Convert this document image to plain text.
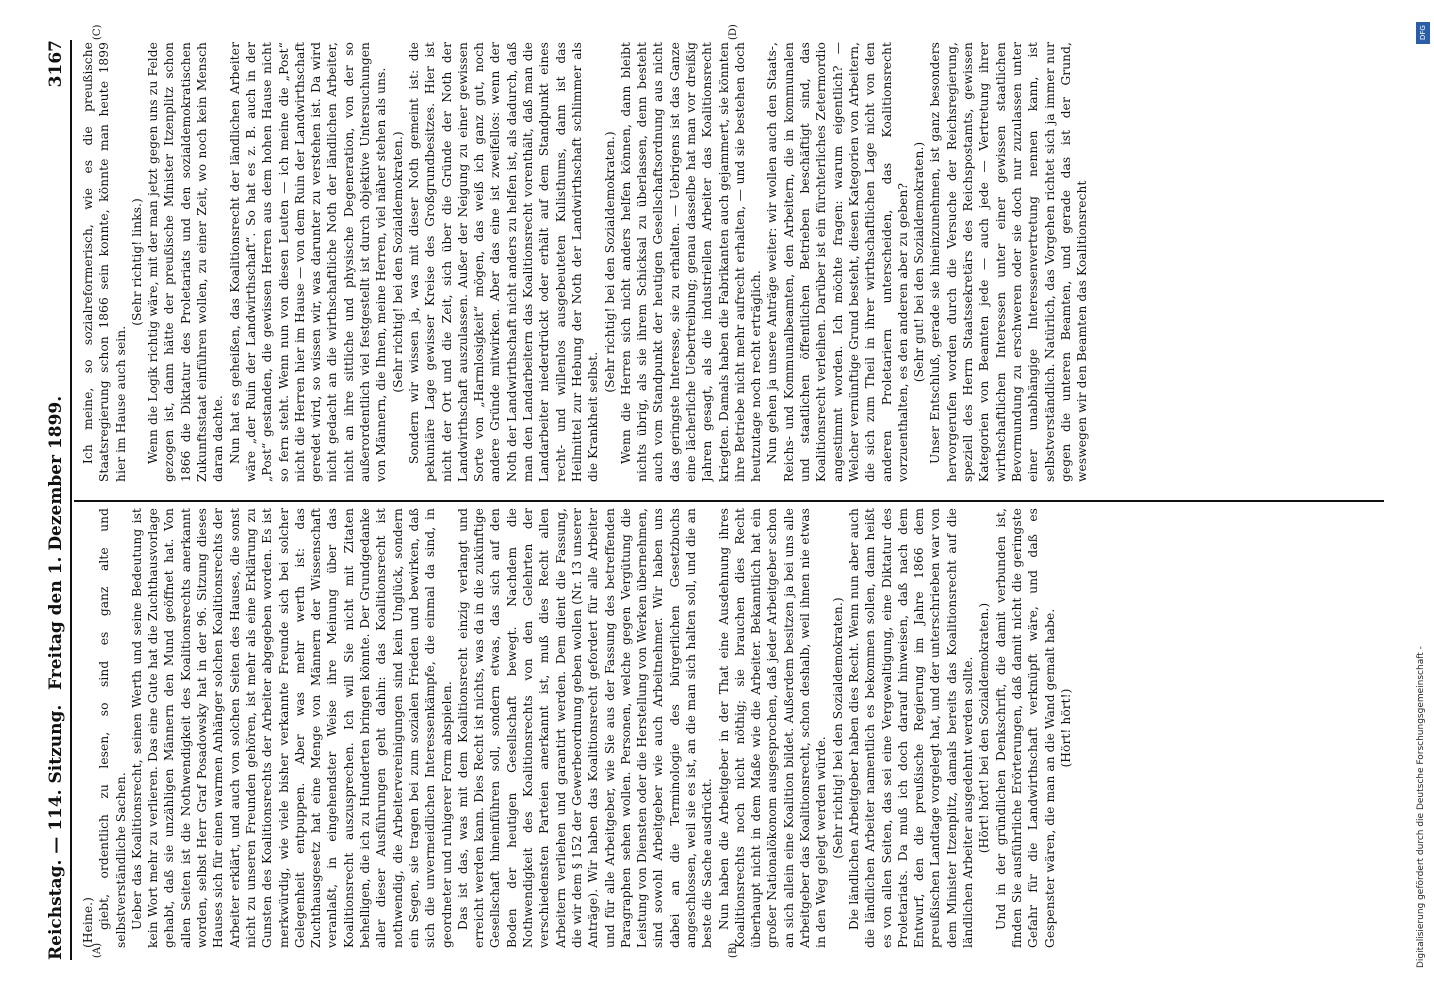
Reichstag. — 114. Sitzung.
Freitag den 1. Dezember 1899.
3167
(A)	(B)
(C)	(D)

(Heine.) giebt, ordentlich zu lesen, so sind es ganz alte und selbstverständliche Sachen. Ueber das Koalitionsrecht, seinen Werth und seine Bedeutung ist kein Wort mehr zu verlieren. Das eine Gute hat die Zuchthausvorlage gehabt, daß sie unzähligen Männern den Mund geöffnet hat. Von allen Seiten ist die Nothwendigkeit des Koalitionsrechts anerkannt worden, selbst Herr Graf Posadowsky hat in der 96. Sitzung dieses Hauses sich für einen warmen Anhänger solchen Koalitionsrechts der Arbeiter erklärt, und auch von solchen Seiten des Hauses, die sonst nicht zu unseren Freunden gehören, ist mehr als eine Erklärung zu Gunsten des Koalitionsrechts der Arbeiter abgegeben worden. Es ist merkwürdig, wie viele bisher verkannte Freunde sich bei solcher Gelegenheit entpuppen. Aber was mehr werth ist: das Zuchthausgesetz hat eine Menge von Männern der Wissenschaft veranlaßt, in eingehendster Weise ihre Meinung über das Koalitionsrecht auszusprechen. Ich will Sie nicht mit Zitaten behelligen, die ich zu Hunderten bringen könnte. Der Grundgedanke aller dieser Ausführungen geht dahin: das Koalitionsrecht ist nothwendig, die Arbeitervereinigungen sind kein Unglück, sondern ein Segen, sie tragen bei zum sozialen Frieden und bewirken, daß sich die unvermeidlichen Interessenkämpfe, die einmal da sind, in geordneter und ruhigerer Form abspielen. Das ist das, was mit dem Koalitionsrecht einzig verlangt und erreicht werden kann. Dies Recht ist nichts, was da in die zukünftige Gesellschaft hineinführen soll, sondern etwas, das sich auf den Boden der heutigen Gesellschaft bewegt. Nachdem die Nothwendigkeit des Koalitionsrechts von den Gelehrten der verschiedensten Parteien anerkannt ist, muß dies Recht allen Arbeitern verliehen und garantirt werden. Dem dient die Fassung, die wir dem § 152 der Gewerbeordnung geben wollen (Nr. 13 unserer Anträge). Wir haben das Koalitionsrecht gefordert für alle Arbeiter und für alle Arbeitgeber, wie Sie aus der Fassung des betreffenden Paragraphen sehen wollen. Personen, welche gegen Vergütung die Leistung von Diensten oder die Herstellung von Werken übernehmen, sind sowohl Arbeitgeber wie auch Arbeitnehmer. Wir haben uns dabei an die Terminologie des bürgerlichen Gesetzbuchs angeschlossen, weil sie es ist, an die man sich halten soll, und die an beste die Sache ausdrückt. Nun haben die Arbeitgeber in der That eine Ausdehnung ihres Koalitionsrechts noch nicht nöthig; sie brauchen dies Recht überhaupt nicht in dem Maße wie die Arbeiter. Bekanntlich hat ein großer Nationalökonom ausgesprochen, daß jeder Arbeitgeber schon an sich allein eine Koalition bildet. Außerdem besitzen ja bei uns alle Arbeitgeber das Koalitionsrecht, schon deshalb, weil ihnen nie etwas in den Weg gelegt werden würde. (Sehr richtig! bei den Sozialdemokraten.) Die ländlichen Arbeitgeber haben dies Recht. Wenn nun aber auch die ländlichen Arbeiter namentlich es bekommen sollen, dann heißt es von allen Seiten, das sei eine Vergewaltigung, eine Diktatur des Proletariats. Da muß ich doch darauf hinweisen, daß nach dem Entwurf, den die preußische Regierung im Jahre 1866 dem preußischen Landtage vorgelegt hat, und der unterschrieben war von dem Minister Itzenplitz, damals bereits das Koalitionsrecht auf die ländlichen Arbeiter ausgedehnt werden sollte. (Hört! hört! bei den Sozialdemokraten.) Und in der gründlichen Denkschrift, die damit verbunden ist, finden Sie ausführliche Erörterungen, daß damit nicht die geringste Gefahr für die Landwirthschaft verknüpft wäre, und daß es Gespenster wären, die man an die Wand gemalt habe. (Hört! hört!)

Ich meine, so sozialreformerisch, wie es die preußische Staatsregierung schon 1866 sein konnte, könnte man heute 1899 hier im Hause auch sein.

(Sehr richtig! links.) Wenn die Logik richtig wäre, mit der man jetzt gegen uns zu Felde gezogen ist, dann hätte der preußische Minister Itzenplitz schon 1866 die Diktatur des Proletariats und den sozialdemokratischen Zukunftsstaat einführen wollen, zu einer Zeit, wo noch kein Mensch daran dachte. Nun hat es geheißen, das Koalitionsrecht der ländlichen Arbeiter wäre „der Ruin der Landwirthschaft“. So hat es z. B. auch in der „Post“ gestanden, die gewissen Herren aus dem hohen Hause nicht so fern steht. Wenn nun von diesen Leuten — ich meine die „Post“ nicht die Herren hier im Hause — von dem Ruin der Landwirthschaft geredet wird, so wissen wir, was darunter zu verstehen ist. Da wird nicht gedacht an die wirthschaftliche Noth der ländlichen Arbeiter, nicht an ihre sittliche und physische Degeneration, von der so außerordentlich viel festgestellt ist durch objektive Untersuchungen von Männern, die Ihnen, meine Herren, viel näher stehen als uns. (Sehr richtig! bei den Sozialdemokraten.) Sondern wir wissen ja, was mit dieser Noth gemeint ist: die pekuniäre Lage gewisser Kreise des Großgrundbesitzes. Hier ist nicht der Ort und die Zeit, sich über die Gründe der Noth der Landwirthschaft auszulassen. Außer der Neigung zu einer gewissen Sorte von „Harmlosigkeit“ mögen, das weiß ich ganz gut, noch andere Gründe mitwirken. Aber das eine ist zweifellos: wenn der Noth der Landwirthschaft nicht anders zu helfen ist, als dadurch, daß man den Landarbeitern das Koalitionsrecht vorenthält, daß man die Landarbeiter niederdrückt oder erhält auf dem Standpunkt eines recht- und willenlos ausgebeuteten Kulisthums, dann ist das Heilmittel zur Hebung der Noth der Landwirthschaft schlimmer als die Krankheit selbst.

(Sehr richtig! bei den Sozialdemokraten.) Wenn die Herren sich nicht anders helfen können, dann bleibt nichts übrig, als sie ihrem Schicksal zu überlassen, denn besteht auch vom Standpunkt der heutigen Gesellschaftsordnung aus nicht das geringste Interesse, sie zu erhalten. — Uebrigens ist das Ganze eine lächerliche Uebertreibung; genau dasselbe hat man vor dreißig Jahren gesagt, als die industriellen Arbeiter das Koalitionsrecht kriegten. Damals haben die Fabrikanten auch gejammert, sie könnten ihre Betriebe nicht mehr aufrecht erhalten, — und sie bestehen doch heutzutage noch recht erträglich. Nun gehen ja unsere Anträge weiter: wir wollen auch den Staats-, Reichs- und Kommunalbeamten, den Arbeitern, die in kommunalen und staatlichen öffentlichen Betrieben beschäftigt sind, das Koalitionsrecht verleihen. Darüber ist ein fürchterliches Zetermordio angestimmt worden. Ich möchte fragen: warum eigentlich? — Welcher vernünftige Grund besteht, diesen Kategorien von Arbeitern, die sich zum Theil in ihrer wirthschaftlichen Lage nicht von den anderen Proletariern unterscheiden, das Koalitionsrecht vorzuenthalten, es den anderen aber zu geben? (Sehr gut! bei den Sozialdemokraten.) Unser Entschluß, gerade sie hineinzunehmen, ist ganz besonders hervorgerufen worden durch die Versuche der Reichsregierung, speziell des Herrn Staatssekretärs des Reichspostamts, gewissen Kategorien von Beamten jede — auch jede — Vertretung ihrer wirthschaftlichen Interessen unter einer gewissen staatlichen Bevormundung zu erschweren oder sie doch nur zuzulassen unter einer unabhängige Interessenvertretung nennen kann, ist selbstverständlich. Natürlich, das Vorgehen richtet sich ja immer nur gegen die unteren Beamten, und gerade das ist der Grund, weswegen wir den Beamten das Koalitionsrecht

DFG
Digitalisierung gefördert durch die Deutsche Forschungsgemeinschaft -
